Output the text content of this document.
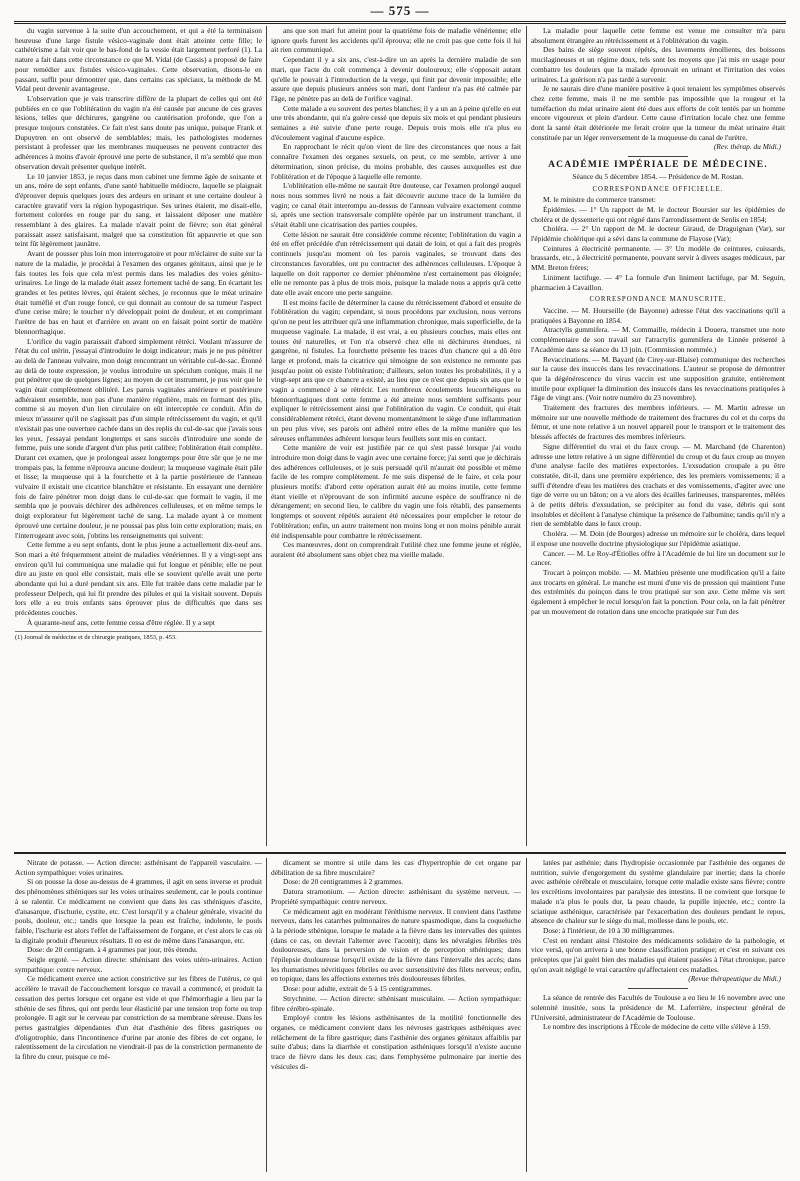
— 575 —

du vagin survenue à la suite d'un accouchement, et qui a été la terminaison heureuse d'une large fistule vésico-vaginale dont était atteinte cette fille; le cathétérisme a fait voir que le bas-fond de la vessie était largement perforé (1). La nature a fait dans cette circonstance ce que M. Vidal (de Cassis) a proposé de faire pour remédier aux fistules vésico-vaginales. Cette observation, disons-le en passant, suffit pour démontrer que, dans certains cas spéciaux, la méthode de M. Vidal peut devenir avantageuse.

L'observation que je vais transcrire diffère de la plupart de celles qui ont été publiées en ce que l'oblitération du vagin n'a été causée par aucune de ces graves lésions, telles que déchirures, gangrène ou cautérisation profonde, que l'on a presque toujours constatées. Ce fait n'est sans doute pas unique, puisque Frank et Dupuytren en ont observé de semblables; mais, les pathologistes modernes persistant à professer que les membranes muqueuses ne peuvent contracter des adhérences à moins d'avoir éprouvé une perte de substance, il m'a semblé que mon observation devait présenter quelque intérêt.

Le 10 janvier 1853, je reçus dans mon cabinet une femme âgée de soixante et un ans, mère de sept enfants, d'une santé habituelle médiocre, laquelle se plaignait d'éprouver depuis quelques jours des ardeurs en urinant et une certaine douleur à caractère gravatif vers la région hypogastrique. Ses urines étaient, me disait-elle, fortement colorées en rouge par du sang, et laissaient déposer une matière ressemblant à des glaires. La malade n'avait point de fièvre; son état général paraissait assez satisfaisant, malgré que sa constitution fût appauvrie et que son teint fût légèrement jaunâtre.

Avant de pousser plus loin mon interrogatoire et pour m'éclairer de suite sur la nature de la maladie, je procédai à l'examen des organes génitaux, ainsi que je le fais toutes les fois que cela m'est permis dans les maladies des voies génito-urinaires. Le linge de la malade était assez fortement taché de sang. En écartant les grandes et les petites lèvres, qui étaient sèches, je reconnus que le méat urinaire était tuméfié et d'un rouge foncé, ce qui donnait au contour de sa tumeur l'aspect d'une cerise mûre; le toucher n'y développait point de douleur, et en comprimant l'urètre de bas en haut et d'arrière en avant on en faisait point sortir de matière blennorrhagique.

L'orifice du vagin paraissait d'abord simplement rétréci. Voulant m'assurer de l'état du col utérin, j'essayai d'introduire le doigt indicateur; mais je ne pus pénétrer au delà de l'anneau vulvaire, mon doigt rencontrant un véritable cul-de-sac. Étonné au delà de toute expression, je voulus introduire un spéculum conique, mais il ne put pénétrer que de quelques lignes; au moyen de cet instrument, je pus voir que le vagin était complètement oblitéré. Les parois vaginales antérieure et postérieure adhéraient ensemble, non pas d'une manière régulière, mais en formant des plis, comme si au moyen d'un lien circulaire on eût interceptée ce conduit. Afin de mieux m'assurer qu'il ne s'agissait pas d'un simple rétrécissement du vagin, et qu'il n'existait pas une ouverture cachée dans un des replis du cul-de-sac que j'avais sous les yeux, j'essayai pendant longtemps et sans succès d'introduire une sonde de femme, puis une sonde d'argent d'un plus petit calibre; l'oblitération était complète. Durant cet examen, que je prolongeai assez longtemps pour être sûr que je ne me trompais pas, la femme n'éprouva aucune douleur; la muqueuse vaginale était pâle et lisse; la muqueuse qui à la fourchette et à la partie postérieure de l'anneau vulvaire il existait une cicatrice blanchâtre et résistante. En essayant une dernière fois de faire pénétrer mon doigt dans le cul-de-sac que formait le vagin, il me sembla que je pouvais déchirer des adhérences celluleuses, et en même temps le doigt explorateur fut légèrement taché de sang. La malade ayant à ce moment éprouvé une certaine douleur, je ne poussai pas plus loin cette exploration; mais, en l'interrogeant avec soin, j'obtins les renseignements qui suivent:

Cette femme a eu sept enfants, dont le plus jeune a actuellement dix-neuf ans. Son mari a été fréquemment atteint de maladies vénériennes. Il y a vingt-sept ans environ qu'il lui communiqua une maladie qui fut longue et pénible; elle ne peut dire au juste en quoi elle consistait, mais elle se souvient qu'elle avait une perte abondante qui lui a duré pendant six ans. Elle fut traitée dans cette maladie par le professeur Delpech, qui lui fit prendre des pilules et qui la visitait souvent. Depuis lors elle a eu trois enfants sans éprouver plus de difficultés que dans ses précédentes couches.

À quarante-neuf ans, cette femme cessa d'être réglée. Il y a sept

(1) Journal de médecine et de chirurgie pratiques, 1853, p. 453.

ans que son mari fut atteint pour la quatrième fois de maladie vénérienne; elle ignore quels furent les accidents qu'il éprouva; elle ne croit pas que cette fois il lui ait rien communiqué.

Cependant il y a six ans, c'est-à-dire un an après la dernière maladie de son mari, que l'acte du coït commença à devenir douloureux; elle s'opposait autant qu'elle le pouvait à l'introduction de la verge, qui finit par devenir impossible; elle assure que depuis plusieurs années son mari, dont l'ardeur n'a pas été calmée par l'âge, ne pénètre pas au delà de l'orifice vaginal.

Cette malade a eu souvent des pertes blanches; il y a un an à peine qu'elle en eut une très abondante, qui n'a guère cessé que depuis six mois et qui pendant plusieurs semaines a été suivie d'une perte rouge. Depuis trois mois elle n'a plus eu d'écoulement vaginal d'aucune espèce.

En rapprochant le récit qu'on vient de lire des circonstances que nous a fait connaître l'examen des organes sexuels, on peut, ce me semble, arriver à une détermination, sinon précise, du moins probable, des causes auxquelles est due l'oblitération et de l'époque à laquelle elle remonte.

L'oblitération elle-même ne saurait être douteuse, car l'examen prolongé auquel nous nous sommes livré ne nous a fait découvrir aucune trace de la lumière du vagin; ce canal était interrompu au-dessus de l'anneau vulvaire exactement comme si, après une section transversale complète opérée par un instrument tranchant, il s'était établi une cicatrisation des parties coupées.

Cette lésion ne saurait être considérée comme récente; l'oblitération du vagin a été en effet précédée d'un rétrécissement qui datait de loin, et qui a fait des progrès continuels jusqu'au moment où les parois vaginales, se trouvant dans des circonstances favorables, ont pu contracter des adhérences celluleuses. L'époque à laquelle on doit rapporter ce dernier phénomène n'est certainement pas éloignée; elle ne remonte pas à plus de trois mois, puisque la malade nous a appris qu'à cette date elle avait encore une perte sanguine.

Il est moins facile de déterminer la cause du rétrécissement d'abord et ensuite de l'oblitération du vagin; cependant, si nous procédons par exclusion, nous verrons qu'on ne peut les attribuer qu'à une inflammation chronique, mais superficielle, de la muqueuse vaginale. La malade, il est vrai, a eu plusieurs couches, mais elles ont toutes été naturelles, et l'on n'a observé chez elle ni déchirures étendues, ni gangrène, ni fistules. La fourchette présente les traces d'un chancre qui a dû être large et profond, mais la cicatrice qui témoigne de son existence ne remonte pas jusqu'au point où existe l'oblitération; d'ailleurs, selon toutes les probabilités, il y a vingt-sept ans que ce chancre a existé, au lieu que ce n'est que depuis six ans que le vagin a commencé à se rétrécir. Les nombreux écoulements leucorrhéiques ou blennorrhagiques dont cette femme a été atteinte nous semblent suffisants pour expliquer le rétrécissement ainsi que l'oblitération du vagin. Ce conduit, qui était considérablement rétréci, étant devenu momentanément le siège d'une inflammation un peu plus vive, ses parois ont adhéré entre elles de la même manière que les séreuses enflammées adhèrent lorsque leurs feuillets sont mis en contact.

Cette manière de voir est justifiée par ce qui s'est passé lorsque j'ai voulu introduire mon doigt dans le vagin avec une certaine force; j'ai senti que je déchirais des adhérences celluleuses, et je suis persuadé qu'il m'aurait été possible et même facile de les rompre complètement. Je me suis dispensé de le faire, et cela pour plusieurs motifs: d'abord cette opération aurait été au moins inutile, cette femme étant vieille et n'éprouvant de son infirmité aucune espèce de souffrance ni de dérangement; en second lieu, le calibre du vagin une fois rétabli, des pansements longtemps et souvent répétés auraient été nécessaires pour empêcher le retour de l'oblitération; enfin, un autre traitement non moins long et non moins pénible aurait été indispensable pour combattre le rétrécissement.

Ces manœuvres, dont on comprendrait l'utilité chez une femme jeune et réglée, auraient été absolument sans objet chez ma vieille malade.

La maladie pour laquelle cette femme est venue me consulter m'a paru absolument étrangère au rétrécissement et à l'oblitération du vagin.

Des bains de siège souvent répétés, des lavements émollients, des boissons mucilagineuses et un régime doux, tels sont les moyens que j'ai mis en usage pour combattre les douleurs que la malade éprouvait en urinant et l'irritation des voies urinaires. La guérison n'a pas tardé à survenir.

Je ne saurais dire d'une manière positive à quoi tenaient les symptômes observés chez cette femme, mais il ne me semble pas impossible que la rougeur et la tuméfaction du méat urinaire aient été dues aux efforts de coït tentés par un homme encore vigoureux et plein d'ardeur. Cette cause d'irritation locale chez une femme dont la santé était détériorée me ferait croire que la tumeur du méat urinaire était constituée par un léger renversement de la muqueuse du canal de l'urètre.

(Rev. thérap. du Midi.)
ACADÉMIE IMPÉRIALE DE MÉDECINE.
Séance du 5 décembre 1854. — Présidence de M. Rostan.
CORRESPONDANCE OFFICIELLE.

M. le ministre du commerce transmet:

Épidémies. — 1° Un rapport de M. le docteur Boursier sur les épidémies de choléra et de dyssenterie qui ont régné dans l'arrondissement de Senlis en 1854;

Choléra. — 2° Un rapport de M. le docteur Giraud, de Draguignan (Var), sur l'épidémie cholérique qui a sévi dans la commune de Flayose (Var);

Ceintures à électricité permanente. — 3° Un modèle de ceintures, cuissards, brassards, etc., à électricité permanente, pouvant servir à divers usages médicaux, par MM. Breton frères;

Liniment lactifuge. — 4° La formule d'un liniment lactifuge, par M. Seguin, pharmacien à Cavaillon.

CORRESPONDANCE MANUSCRITE.

Vaccine. — M. Hourseille (de Bayonne) adresse l'état des vaccinations qu'il a pratiquées à Bayonne en 1854.

Atractylis gummifera. — M. Commaille, médecin à Douera, transmet une note complémentaire de son travail sur l'atractylis gummifera de Linnée présenté à l'Académie dans sa séance du 13 juin. (Commission nommée.)

Revaccinations. — M. Bayard (de Cirey-sur-Blaise) communique des recherches sur la cause des insuccès dans les revaccinations. L'auteur se propose de démontrer que la dégénérescence du virus vaccin est une supposition gratuite, entièrement inutile pour expliquer la diminution des insuccès dans les revaccinations pratiquées à l'âge de vingt ans. (Voir notre numéro du 23 novembre).

Traitement des fractures des membres inférieurs. — M. Martin adresse un mémoire sur une nouvelle méthode de traitement des fractures du col et du corps du fémur, et une note relative à un nouvel appareil pour le transport et le traitement des blessés affectés de fractures des membres inférieurs.

Signe différentiel du vrai et du faux croup. — M. Marchand (de Charenton) adresse une lettre relative à un signe différentiel du croup et du faux croup au moyen d'une analyse facile des matières expectorées. L'exsudation croupale a pu être constatée, dit-il, dans une première expérience, des les premiers vomissements; il a suffi d'étendre d'eau les matières des crachats et des vomissements, d'agiter avec une tige de verre ou un bâton; on a vu alors des écailles farineuses, transparentes, mêlées à de petits débris d'exsudation, se précipiter au fond du vase, débris qui sont insolubles et décèlent à l'analyse chimique la présence de l'albumine; tandis qu'il n'y a rien de semblable dans le faux croup.

Choléra. — M. Doin (de Bourges) adresse un mémoire sur le choléra, dans lequel il expose une nouvelle doctrine physiologique sur l'épidémie asiatique.

Cancer. — M. Le Roy-d'Étiolles offre à l'Académie de lui lire un document sur le cancer.

Trocart à poinçon mobile. — M. Mathieu présente une modification qu'il a faite aux trocarts en général. Le manche est muni d'une vis de pression qui maintient l'une des extrémités du poinçon dans le trou pratiqué sur son axe. Cette même vis sert également à empêcher le recul lorsqu'on fait la ponction. Pour cela, on la fait pénétrer par un mouvement de rotation dans une encoche pratiquée sur l'un des

Nitrate de potasse. — Action directe: asthénisant de l'appareil vasculaire. — Action sympathique: voies urinaires.

Si on pousse la dose au-dessus de 4 grammes, il agit en sens inverse et produit des phénomènes sthéniques sur les voies urinaires seulement, car le pouls continue à se ralentir. Ce médicament ne convient que dans les cas sthéniques d'ascite, d'anasarque, d'ischurie, cystite, etc. C'est lorsqu'il y a chaleur générale, vivacité du pouls, douleur, etc.; tandis que lorsque la peau est fraîche, indolente, le pouls faible, l'ischurie est alors l'effet de l'affaissement de l'organe, et c'est alors le cas où la digitale produit d'heureux résultats. Il en est de même dans l'anasarque, etc.

Dose: de 20 centigram. à 4 grammes par jour, très étendu.

Seigle ergoté. — Action directe: sthénisant des voies utéro-urinaires. Action sympathique: centre nerveux.

Ce médicament exerce une action constrictive sur les fibres de l'utérus, ce qui accélère le travail de l'accouchement lorsque ce travail a commencé, et produit la cessation des pertes lorsque cet organe est vide et que l'hémorrhagie a lieu par la sthénie de ses fibres, qui ont perdu leur élasticité par une tension trop forte ou trop prolongée. Il agit sur le cerveau par constriction de sa membrane séreuse. Dans les pertes gastralgies dépendantes d'un état d'asthénie des fibres gastriques ou d'oligotrophie, dans l'incontinence d'urine par atonie des fibres de cet organe, le ralentissement de la circulation ne viendrait-il pas de la constriction permanente de la fibre du cœur, puisque ce mé-

dicament se montre si utile dans les cas d'hypertrophie de cet organe par débilitation de sa fibre musculaire?

Dose: de 20 centigrammes à 2 grammes.

Datura stramonium. — Action directe: asthénisant du système nerveux. — Propriété sympathique: centre nerveux.

Ce médicament agit en modérant l'éréthisme nerveux. Il convient dans l'asthme nerveux, dans les catarrhes pulmonaires de nature spasmodique, dans la coqueluche à la période sthénique, lorsque le malade a la fièvre dans les intervalles des quintes (dans ce cas, on devrait l'alterner avec l'aconit); dans les névralgies fébriles très douloureuses, dans la perversion de vision et de perception sthéniques; dans l'épilepsie douloureuse lorsqu'il existe de la fièvre dans l'intervalle des accès; dans les rhumatismes névritiques fébriles ou avec sursensitivité des filets nerveux; enfin, en topique, dans les affections externes très douloureuses fébriles.

Dose: pour adulte, extrait de 5 à 15 centigrammes.

Strychnine. — Action directe: sthénisant musculaire. — Action sympathique: fibre cérébro-spinale.

Employé contre les lésions asthénisantes de la motilité fonctionnelle des organes, ce médicament convient dans les névroses gastriques asthéniques avec relâchement de la fibre gastrique; dans l'asthénie des organes génitaux affaiblis par suite d'abus; dans la diarrhée et constipation asthéniques lorsqu'il n'existe aucune trace de fièvre dans les deux cas; dans l'emphysème pulmonaire par inertie des vésicules di-

latées par asthénie; dans l'hydropisie occasionnée par l'asthénie des organes de nutrition, suivie d'engorgement du système glandulaire par inertie; dans la chorée avec asthénie cérébrale et musculaire, lorsque cette maladie existe sans fièvre; contre les excrétions involontaires par paralysie des intestins. Il ne convient que lorsque le malade n'a plus le pouls dur, la peau chaude, la pupille injectée, etc.; contre la sciatique asthénique, caractérisée par l'exacerbation des douleurs pendant le repos, absence de chaleur sur le siège du mal, mollesse dans le pouls, etc.

Dose: à l'intérieur, de 10 à 30 milligrammes.

C'est en rendant ainsi l'histoire des médicaments solidaire de la pathologie, et vice versâ, qu'on arrivera à une bonne classification pratique; et c'est en suivant ces préceptes que j'ai guéri bien des maladies qui étaient passées à l'état chronique, parce qu'on avait négligé le vrai caractère qu'affectaient ces maladies.

(Revue thérapeutique du Midi.)

La séance de rentrée des Facultés de Toulouse a eu lieu le 16 novembre avec une solennité inusitée, sous la présidence de M. Laferrière, inspecteur général de l'Université, administrateur de l'Académie de Toulouse.

Le nombre des inscriptions à l'École de médecine de cette ville s'élève à 159.
